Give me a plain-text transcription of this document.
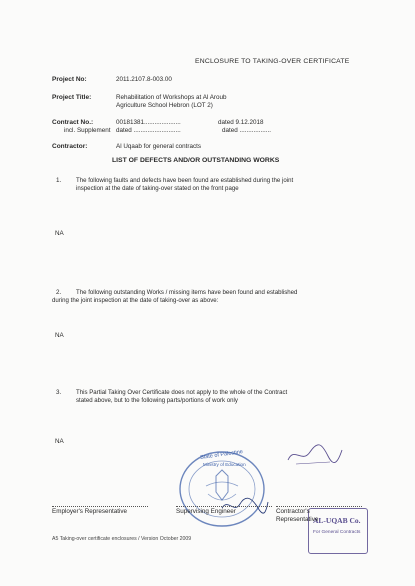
ENCLOSURE TO TAKING-OVER CERTIFICATE
Project No:	2011.2107.8-003.00
Project Title:	Rehabilitation of Workshops at Al Aroub
Agriculture School Hebron (LOT 2)
Contract No.:	00181381.....................	dated 9.12.2018
incl. Supplement dated ...........................	dated ..................
Contractor:	Al Uqaab for general contracts
LIST OF DEFECTS AND/OR OUTSTANDING WORKS
1. The following faults and defects have been found are established during the joint
inspection at the date of taking-over stated on the front page
NA
2. The following outstanding Works / missing items have been found and established
during the joint inspection at the date of taking-over as above:
NA
3. This Partial Taking Over Certificate does not apply to the whole of the Contract
stated above, but to the following parts/portions of work only
NA
State of Palestine
Ministry of Education
AL-UQAB Co.
For General Contracts
Employer's Representative	Supervising Engineer	Contractor's
Representative
A5 Taking-over certificate enclosures / Version October 2009
